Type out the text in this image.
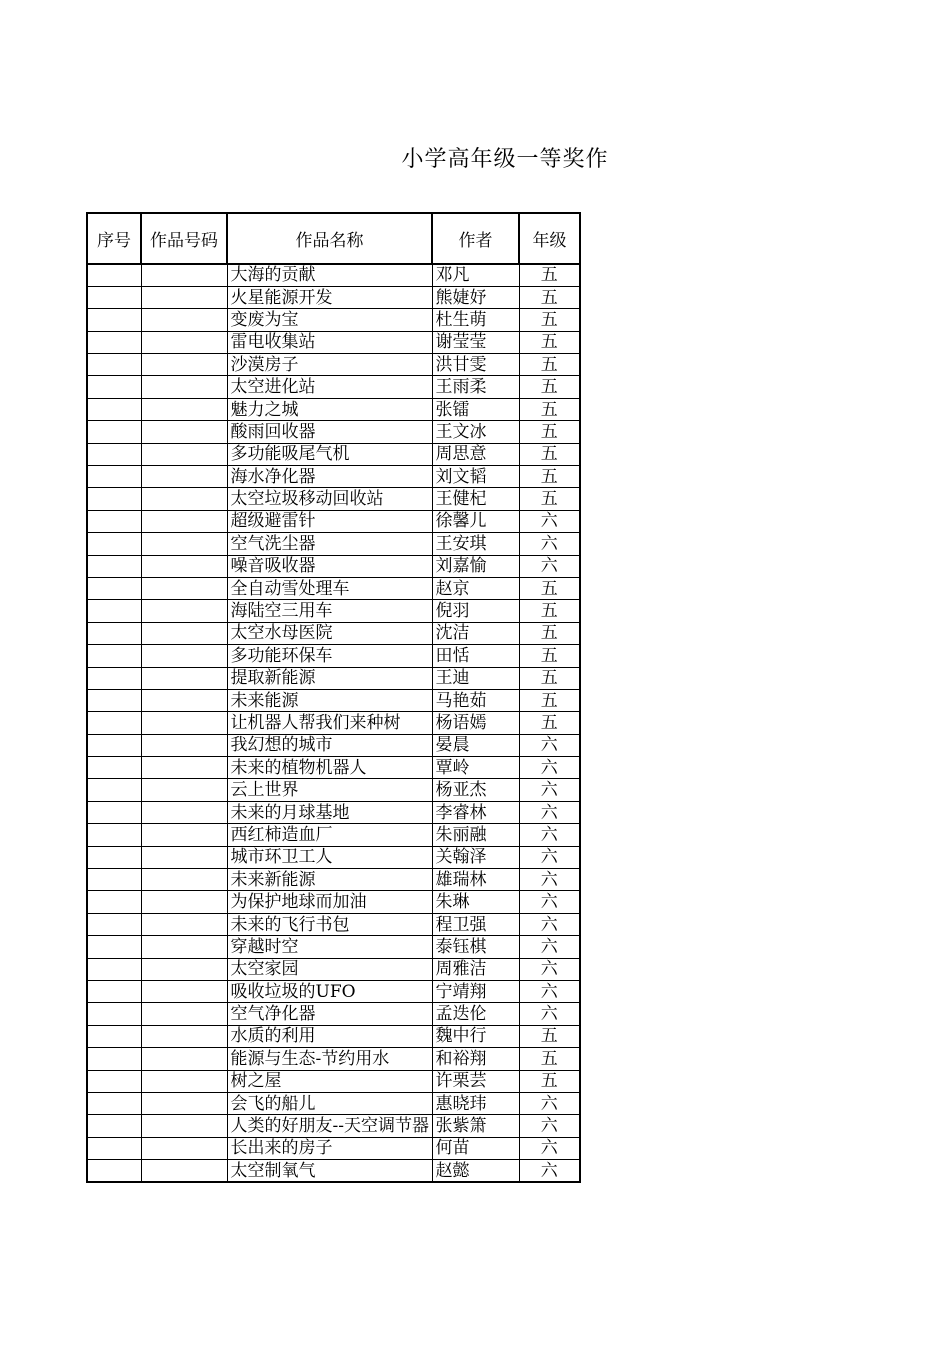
小学高年级一等奖作
序号	作品号码	作品名称	作者	年级
		大海的贡献	邓凡	五
		火星能源开发	熊婕妤	五
		变废为宝	杜生萌	五
		雷电收集站	谢莹莹	五
		沙漠房子	洪甘雯	五
		太空进化站	王雨柔	五
		魅力之城	张镭	五
		酸雨回收器	王文冰	五
		多功能吸尾气机	周思意	五
		海水净化器	刘文韬	五
		太空垃圾移动回收站	王健杞	五
		超级避雷针	徐馨儿	六
		空气洗尘器	王安琪	六
		噪音吸收器	刘嘉愉	六
		全自动雪处理车	赵京	五
		海陆空三用车	倪羽	五
		太空水母医院	沈洁	五
		多功能环保车	田恬	五
		提取新能源	王迪	五
		未来能源	马艳茹	五
		让机器人帮我们来种树	杨语嫣	五
		我幻想的城市	晏晨	六
		未来的植物机器人	覃岭	六
		云上世界	杨亚杰	六
		未来的月球基地	李睿林	六
		西红柿造血厂	朱丽融	六
		城市环卫工人	关翰泽	六
		未来新能源	雄瑞林	六
		为保护地球而加油	朱琳	六
		未来的飞行书包	程卫强	六
		穿越时空	泰钰棋	六
		太空家园	周雅洁	六
		吸收垃圾的UFO	宁靖翔	六
		空气净化器	孟迭伦	六
		水质的利用	魏中行	五
		能源与生态-节约用水	和裕翔	五
		树之屋	许栗芸	五
		会飞的船儿	惠晓玮	六
		人类的好朋友--天空调节器	张紫箫	六
		长出来的房子	何苗	六
		太空制氧气	赵懿	六
